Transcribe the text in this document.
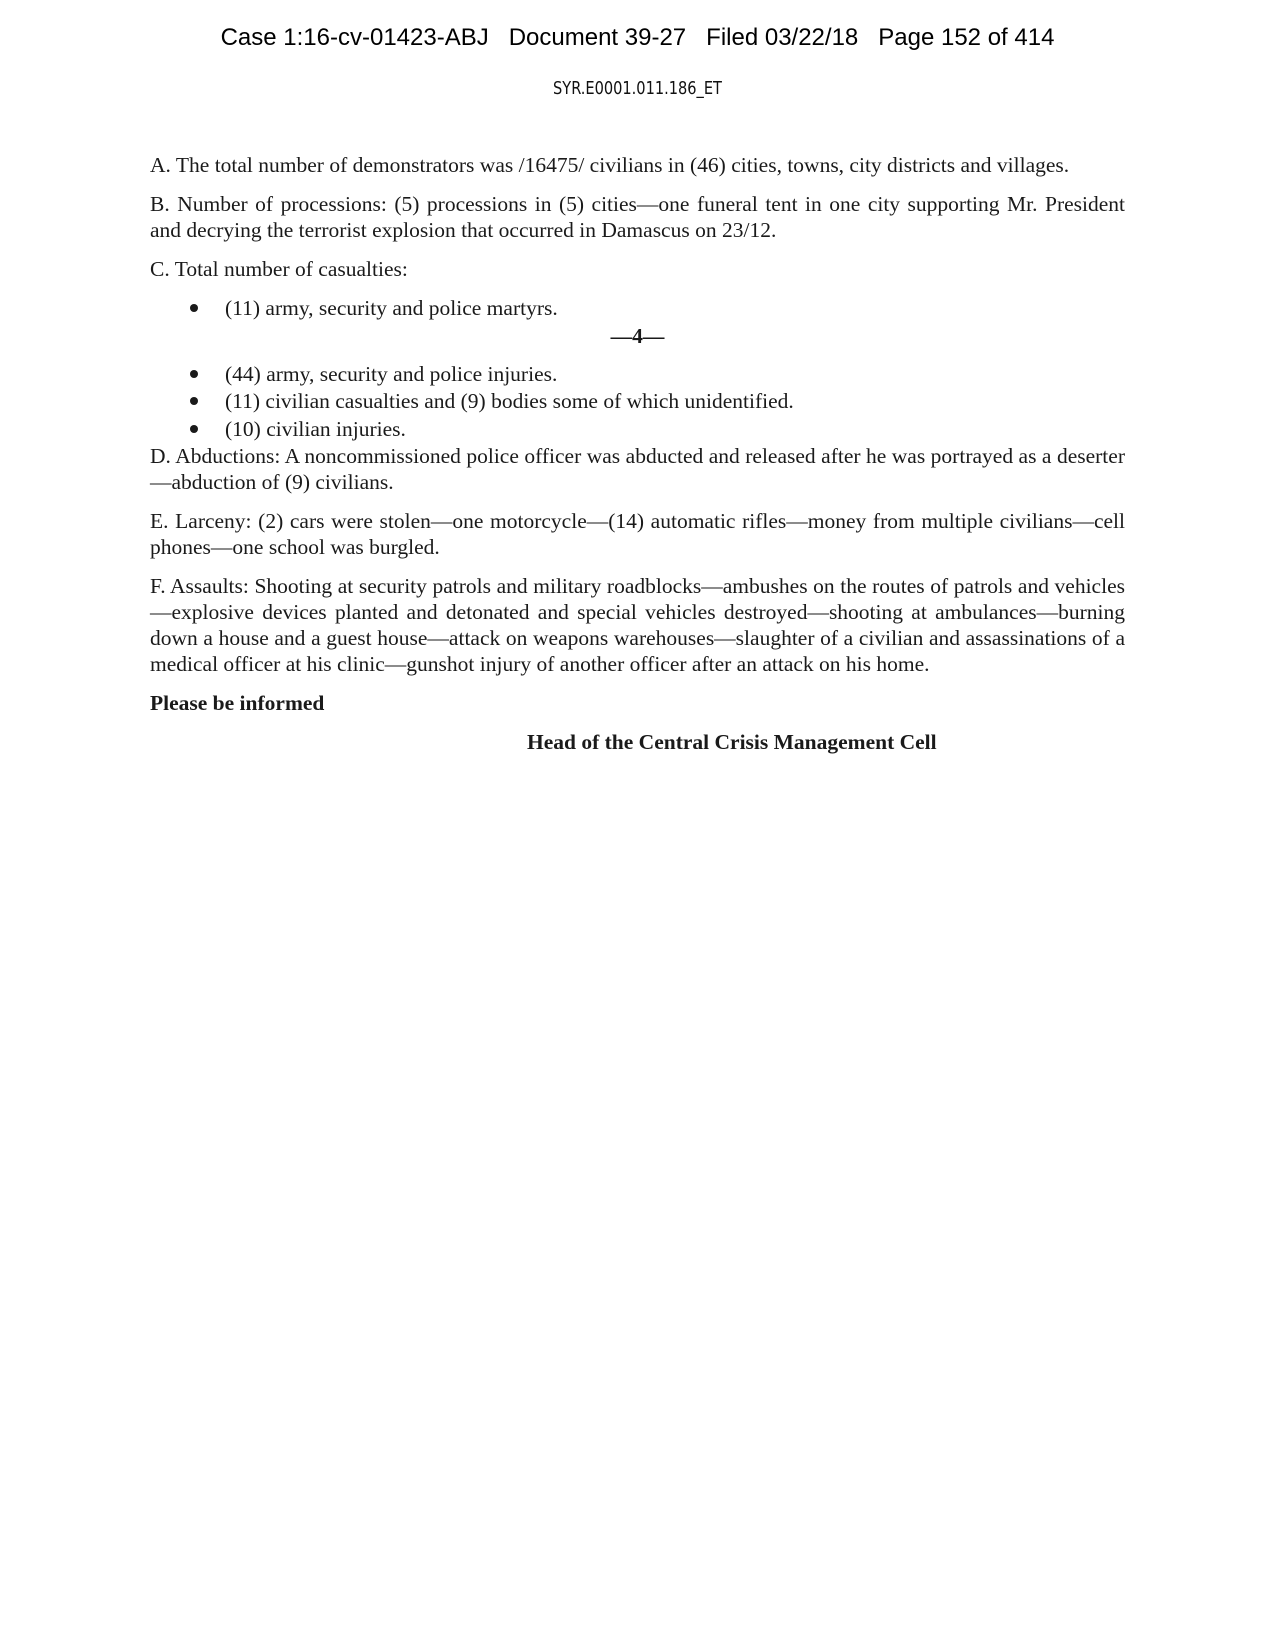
Case 1:16-cv-01423-ABJ Document 39-27 Filed 03/22/18 Page 152 of 414
SYR.E0001.011.186_ET

A. The total number of demonstrators was /16475/ civilians in (46) cities, towns, city districts and villages.

B. Number of processions: (5) processions in (5) cities—one funeral tent in one city supporting Mr. President and decrying the terrorist explosion that occurred in Damascus on 23/12.

C. Total number of casualties:

(11) army, security and police martyrs.
—4—
(44) army, security and police injuries.
(11) civilian casualties and (9) bodies some of which unidentified.
(10) civilian injuries.

D. Abductions: A noncommissioned police officer was abducted and released after he was portrayed as a deserter—abduction of (9) civilians.

E. Larceny: (2) cars were stolen—one motorcycle—(14) automatic rifles—money from multiple civilians—cell phones—one school was burgled.

F. Assaults: Shooting at security patrols and military roadblocks—ambushes on the routes of patrols and vehicles—explosive devices planted and detonated and special vehicles destroyed—shooting at ambulances—burning down a house and a guest house—attack on weapons warehouses—slaughter of a civilian and assassinations of a medical officer at his clinic—gunshot injury of another officer after an attack on his home.

Please be informed
Head of the Central Crisis Management Cell
